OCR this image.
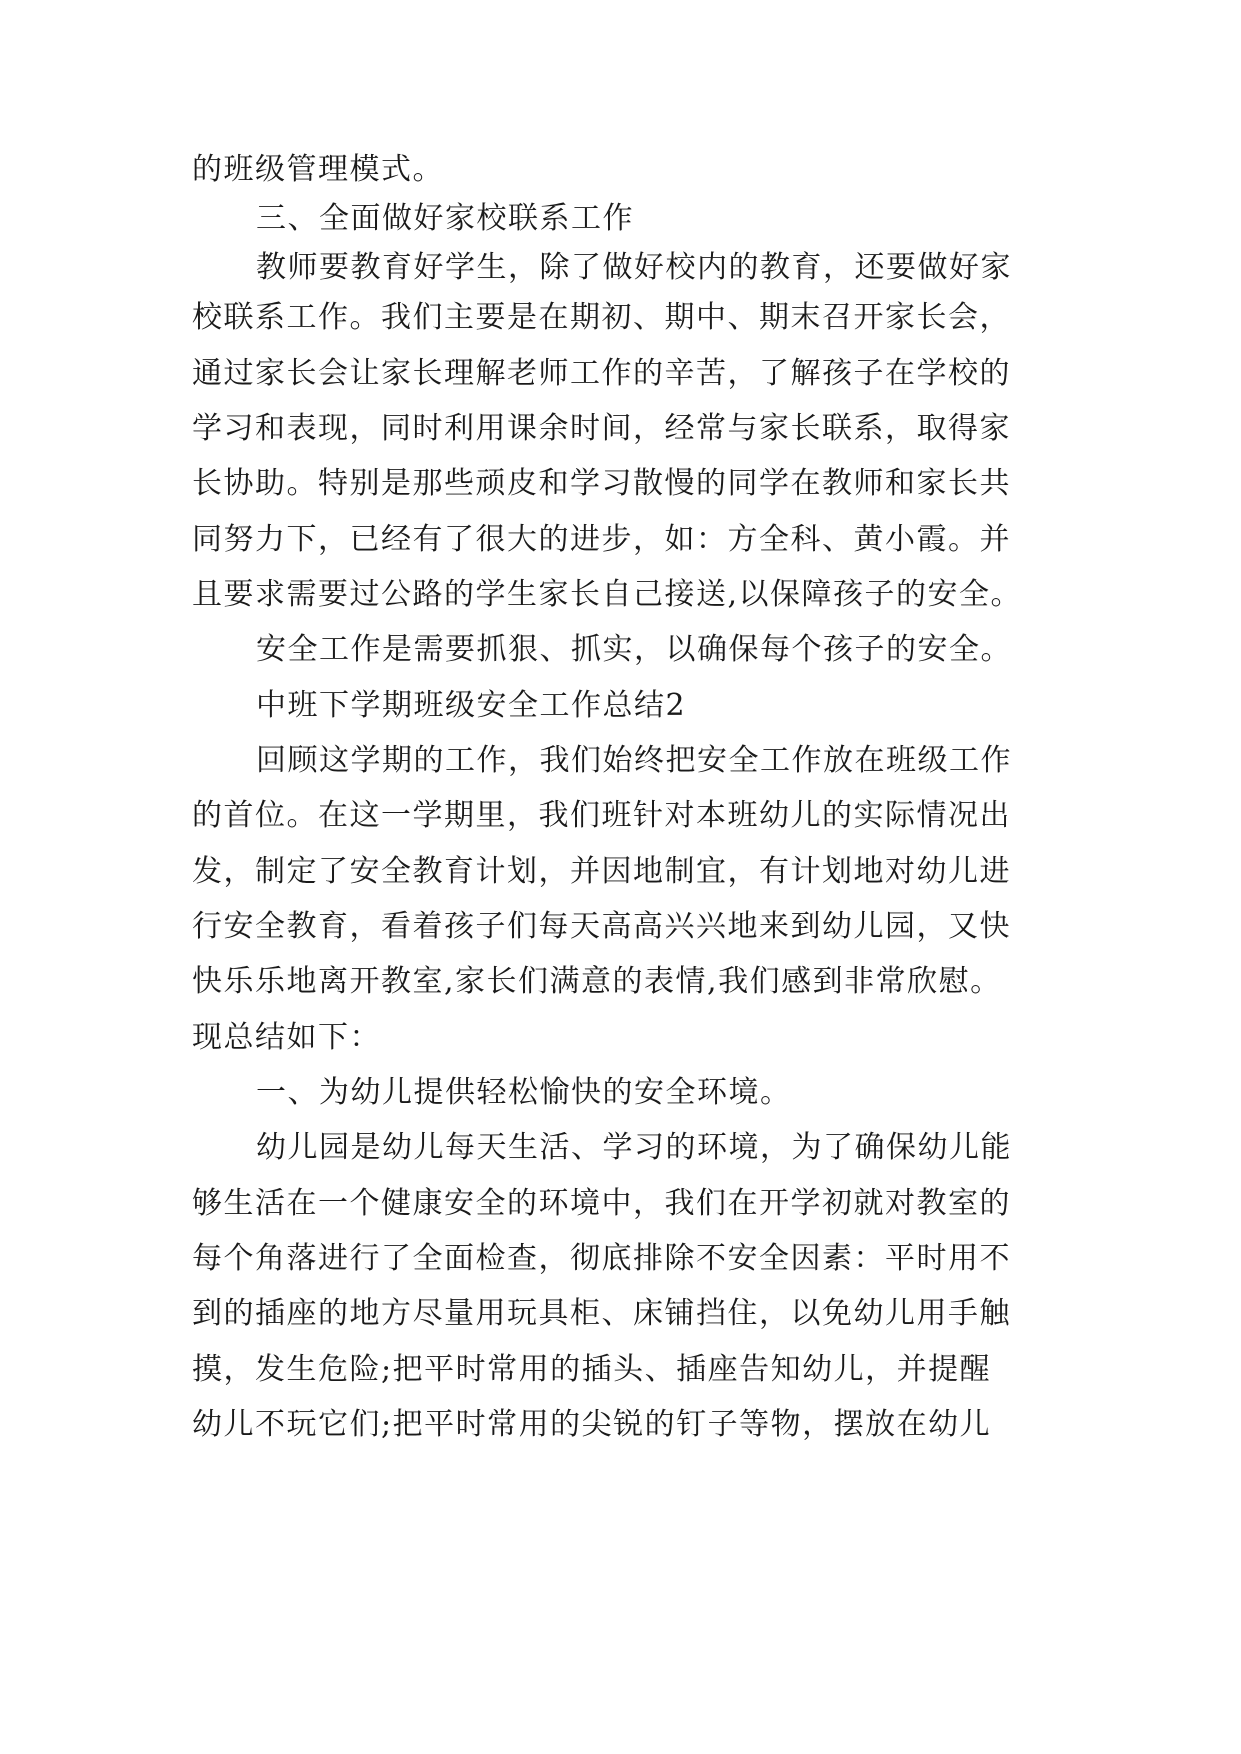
的班级管理模式。
三、全面做好家校联系工作
教师要教育好学生，除了做好校内的教育，还要做好家
校联系工作。我们主要是在期初、期中、期末召开家长会，
通过家长会让家长理解老师工作的辛苦，了解孩子在学校的
学习和表现，同时利用课余时间，经常与家长联系，取得家
长协助。特别是那些顽皮和学习散慢的同学在教师和家长共
同努力下，已经有了很大的进步，如：方全科、黄小霞。并
且要求需要过公路的学生家长自己接送,以保障孩子的安全。
安全工作是需要抓狠、抓实，以确保每个孩子的安全。
中班下学期班级安全工作总结2
回顾这学期的工作，我们始终把安全工作放在班级工作
的首位。在这一学期里，我们班针对本班幼儿的实际情况出
发，制定了安全教育计划，并因地制宜，有计划地对幼儿进
行安全教育，看着孩子们每天高高兴兴地来到幼儿园，又快
快乐乐地离开教室,家长们满意的表情,我们感到非常欣慰。
现总结如下：
一、为幼儿提供轻松愉快的安全环境。
幼儿园是幼儿每天生活、学习的环境，为了确保幼儿能
够生活在一个健康安全的环境中，我们在开学初就对教室的
每个角落进行了全面检查，彻底排除不安全因素：平时用不
到的插座的地方尽量用玩具柜、床铺挡住，以免幼儿用手触
摸，发生危险;把平时常用的插头、插座告知幼儿，并提醒
幼儿不玩它们;把平时常用的尖锐的钉子等物，摆放在幼儿
